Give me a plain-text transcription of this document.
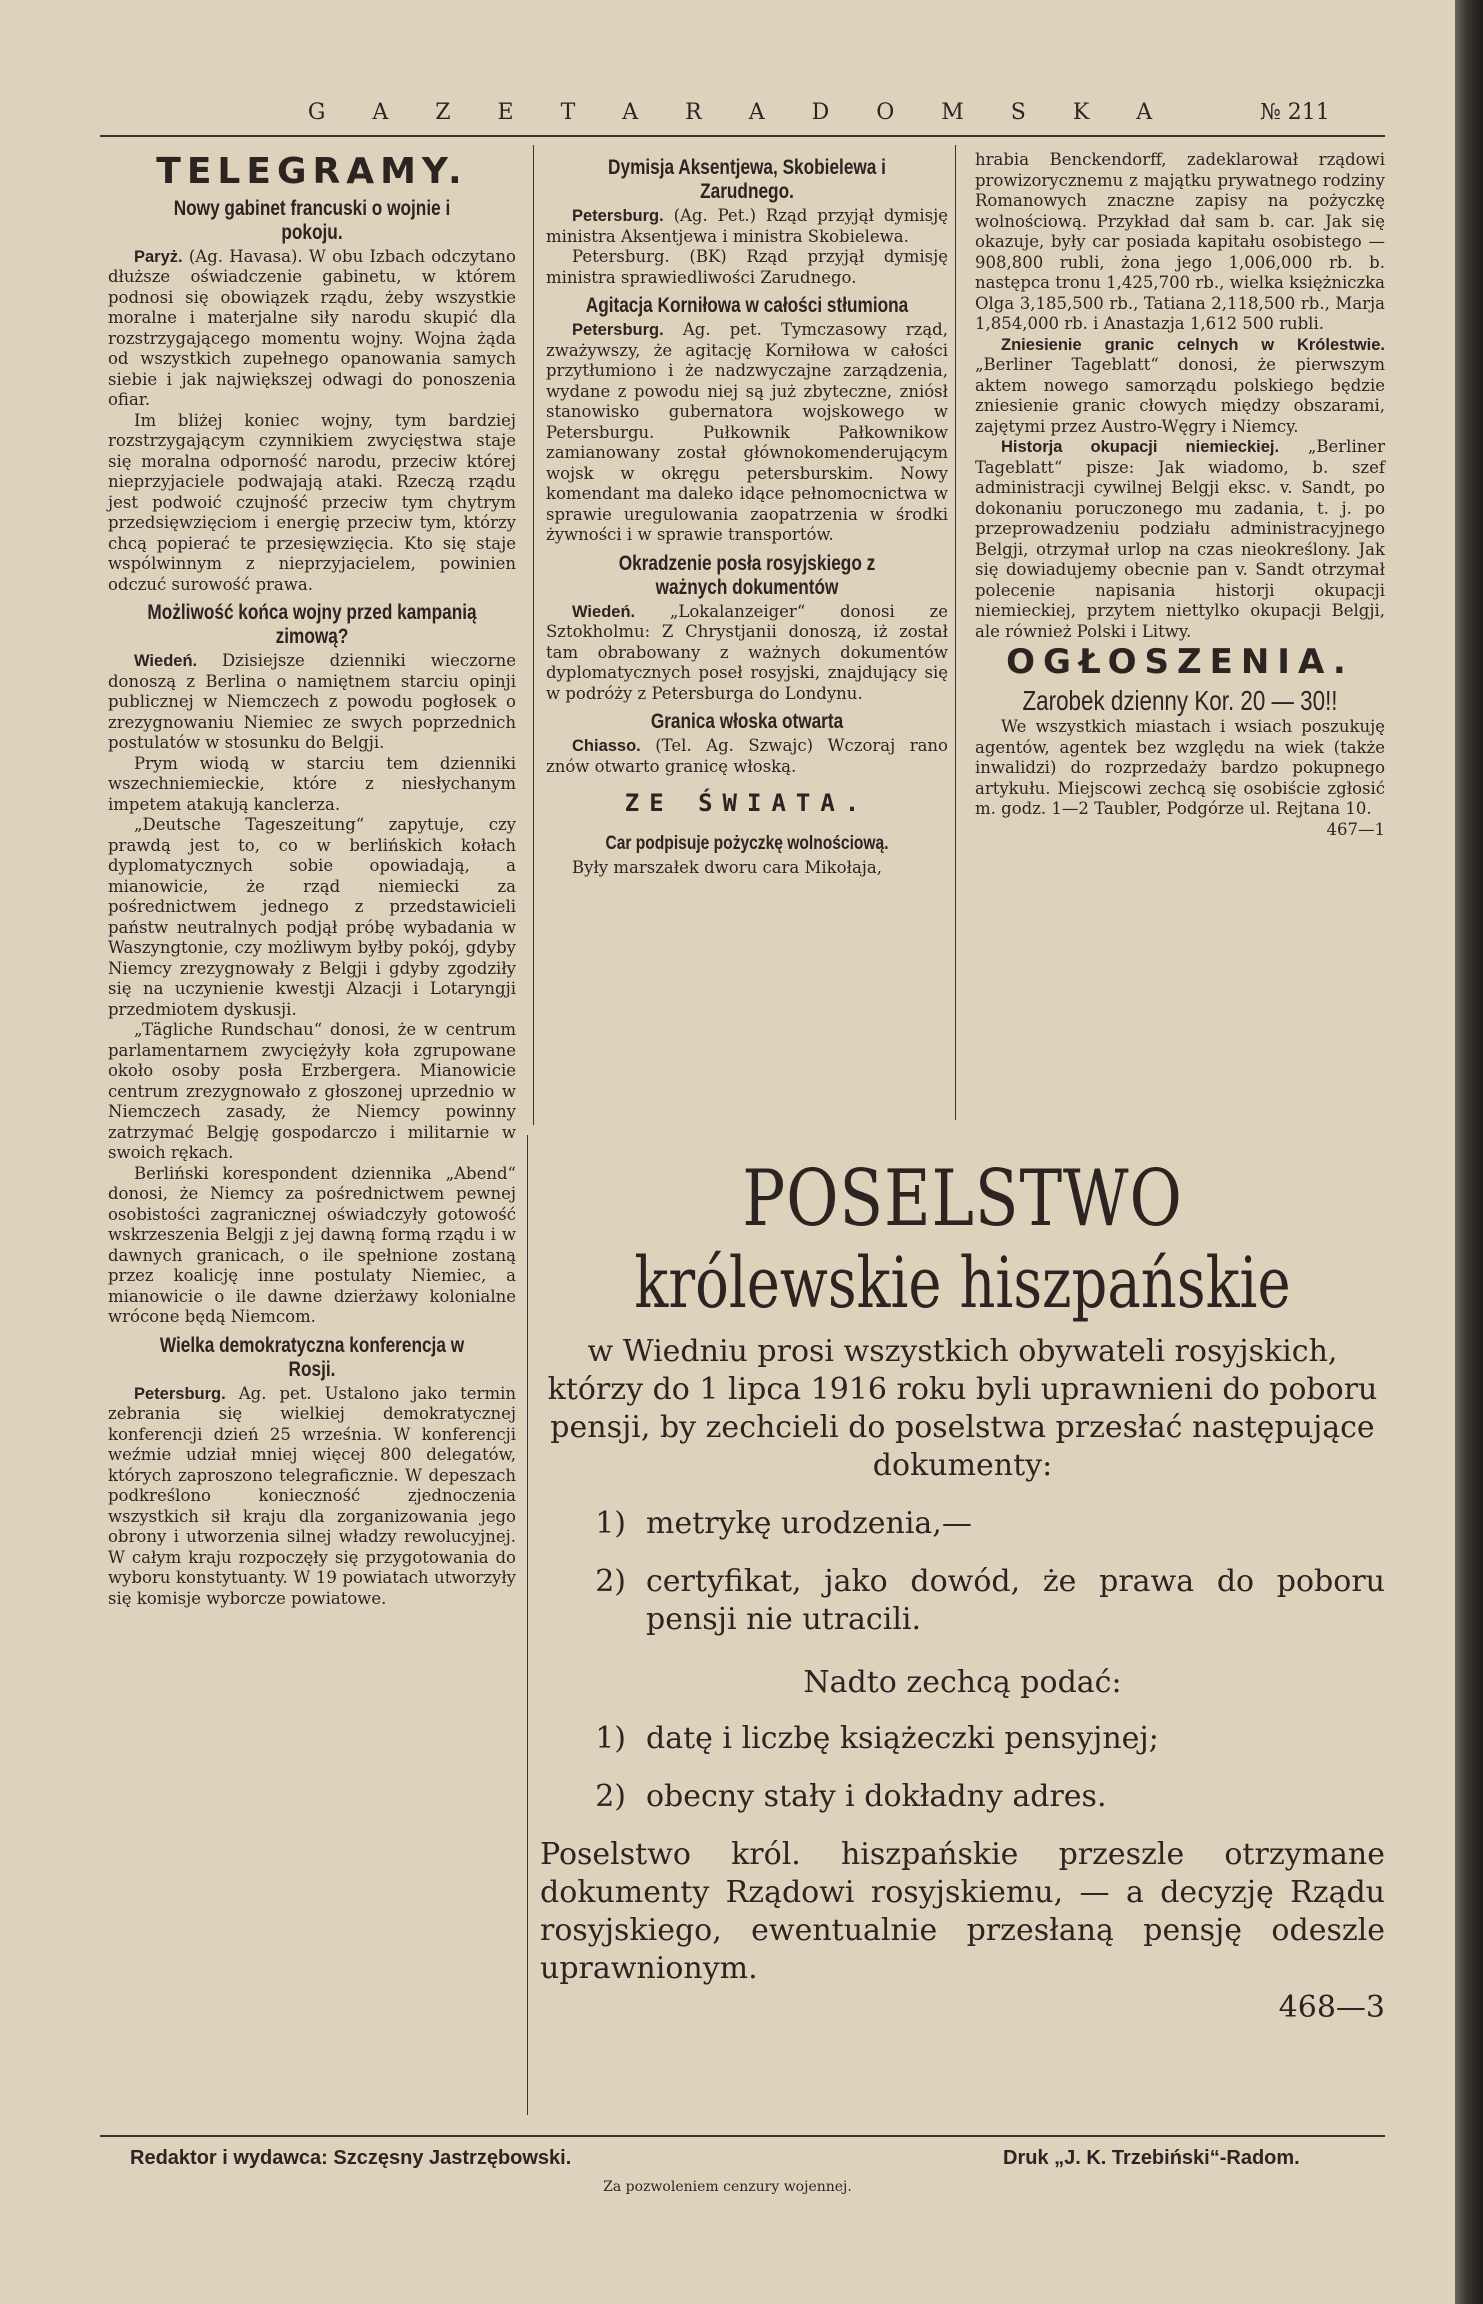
G A Z E T A R A D O M S K A	№ 211
TELEGRAMY.
Nowy gabinet francuski o wojnie i pokoju.

Paryż. (Ag. Havasa). W obu Izbach odczytano dłuższe oświadczenie gabinetu, w którem podnosi się obowiązek rządu, żeby wszystkie moralne i materjalne siły narodu skupić dla rozstrzygającego momentu wojny. Wojna żąda od wszystkich zupełnego opanowania samych siebie i jak największej odwagi do ponoszenia ofiar.

Im bliżej koniec wojny, tym bardziej rozstrzygającym czynnikiem zwycięstwa staje się moralna odporność narodu, przeciw której nieprzyjaciele podwajają ataki. Rzeczą rządu jest podwoić czujność przeciw tym chytrym przedsięwzięciom i energię przeciw tym, którzy chcą popierać te przesięwzięcia. Kto się staje wspólwinnym z nieprzyjacielem, powinien odczuć surowość prawa.

Możliwość końca wojny przed kampanią zimową?

Wiedeń. Dzisiejsze dzienniki wieczorne donoszą z Berlina o namiętnem starciu opinji publicznej w Niemczech z powodu pogłosek o zrezygnowaniu Niemiec ze swych poprzednich postulatów w stosunku do Belgji.

Prym wiodą w starciu tem dzienniki wszechniemieckie, które z niesłychanym impetem atakują kanclerza.

„Deutsche Tageszeitung“ zapytuje, czy prawdą jest to, co w berlińskich kołach dyplomatycznych sobie opowiadają, a mianowicie, że rząd niemiecki za pośrednictwem jednego z przedstawicieli państw neutralnych podjął próbę wybadania w Waszyngtonie, czy możliwym byłby pokój, gdyby Niemcy zrezygnowały z Belgji i gdyby zgodziły się na uczynienie kwestji Alzacji i Lotaryngji przedmiotem dyskusji.

„Tägliche Rundschau“ donosi, że w centrum parlamentarnem zwyciężyły koła zgrupowane około osoby posła Erzbergera. Mianowicie centrum zrezygnowało z głoszonej uprzednio w Niemczech zasady, że Niemcy powinny zatrzymać Belgję gospodarczo i militarnie w swoich rękach.

Berliński korespondent dziennika „Abend“ donosi, że Niemcy za pośrednictwem pewnej osobistości zagranicznej oświadczyły gotowość wskrzeszenia Belgji z jej dawną formą rządu i w dawnych granicach, o ile spełnione zostaną przez koalicję inne postulaty Niemiec, a mianowicie o ile dawne dzierżawy kolonialne wrócone będą Niemcom.

Wielka demokratyczna konferencja w Rosji.

Petersburg. Ag. pet. Ustalono jako termin zebrania się wielkiej demokratycznej konferencji dzień 25 września. W konferencji weźmie udział mniej więcej 800 delegatów, których zaproszono telegraficznie. W depeszach podkreślono konieczność zjednoczenia wszystkich sił kraju dla zorganizowania jego obrony i utworzenia silnej władzy rewolucyjnej. W całym kraju rozpoczęły się przygotowania do wyboru konstytuanty. W 19 powiatach utworzyły się komisje wyborcze powiatowe.

Dymisja Aksentjewa, Skobielewa i Zarudnego.

Petersburg. (Ag. Pet.) Rząd przyjął dymisję ministra Aksentjewa i ministra Skobielewa.

Petersburg. (BK) Rząd przyjął dymisję ministra sprawiedliwości Zarudnego.

Agitacja Korniłowa w całości stłumiona

Petersburg. Ag. pet. Tymczasowy rząd, zważywszy, że agitację Korniłowa w całości przytłumiono i że nadzwyczajne zarządzenia, wydane z powodu niej są już zbyteczne, zniósł stanowisko gubernatora wojskowego w Petersburgu. Pułkownik Pałkownikow zamianowany został głównokomenderującym wojsk w okręgu petersburskim. Nowy komendant ma daleko idące pełnomocnictwa w sprawie uregulowania zaopatrzenia w środki żywności i w sprawie transportów.

Okradzenie posła rosyjskiego z ważnych dokumentów

Wiedeń. „Lokalanzeiger“ donosi ze Sztokholmu: Z Chrystjanii donoszą, iż został tam obrabowany z ważnych dokumentów dyplomatycznych poseł rosyjski, znajdujący się w podróży z Petersburga do Londynu.

Granica włoska otwarta

Chiasso. (Tel. Ag. Szwajc) Wczoraj rano znów otwarto granicę włoską.

ZE ŚWIATA.
Car podpisuje pożyczkę wolnościową.

Były marszałek dworu cara Mikołaja,

hrabia Benckendorff, zadeklarował rządowi prowizorycznemu z majątku prywatnego rodziny Romanowych znaczne zapisy na pożyczkę wolnościową. Przykład dał sam b. car. Jak się okazuje, były car posiada kapitału osobistego — 908,800 rubli, żona jego 1,006,000 rb. b. następca tronu 1,425,700 rb., wielka księżniczka Olga 3,185,500 rb., Tatiana 2,118,500 rb., Marja 1,854,000 rb. i Anastazja 1,612 500 rubli.

Zniesienie granic celnych w Królestwie. „Berliner Tageblatt“ donosi, że pierwszym aktem nowego samorządu polskiego będzie zniesienie granic cłowych między obszarami, zajętymi przez Austro-Węgry i Niemcy.

Historja okupacji niemieckiej. „Berliner Tageblatt“ pisze: Jak wiadomo, b. szef administracji cywilnej Belgji eksc. v. Sandt, po dokonaniu poruczonego mu zadania, t. j. po przeprowadzeniu podziału administracyjnego Belgji, otrzymał urlop na czas nieokreślony. Jak się dowiadujemy obecnie pan v. Sandt otrzymał polecenie napisania historji okupacji niemieckiej, przytem niettylko okupacji Belgji, ale również Polski i Litwy.

OGŁOSZENIA.
Zarobek dzienny Kor. 20 — 30!!

We wszystkich miastach i wsiach poszukuję agentów, agentek bez względu na wiek (także inwalidzi) do rozprzedaży bardzo pokupnego artykułu. Miejscowi zechcą się osobiście zgłosić m. godz. 1—2 Taubler, Podgórze ul. Rejtana 10.

467—1
POSELSTWO
królewskie hiszpańskie
w Wiedniu prosi wszystkich obywateli rosyjskich, którzy do 1 lipca 1916 roku byli uprawnieni do poboru pensji, by zechcieli do poselstwa przesłać następujące dokumenty:
1) metrykę urodzenia,—
2) certyfikat, jako dowód, że prawa do poboru pensji nie utracili.
Nadto zechcą podać:
1) datę i liczbę książeczki pensyjnej;
2) obecny stały i dokładny adres.
Poselstwo król. hiszpańskie przeszle otrzymane dokumenty Rządowi rosyjskiemu, — a decyzję Rządu rosyjskiego, ewentualnie przesłaną pensję odeszle uprawnionym.
468—3
Redaktor i wydawca: Szczęsny Jastrzębowski.	Druk „J. K. Trzebiński“-Radom.
Za pozwoleniem cenzury wojennej.
